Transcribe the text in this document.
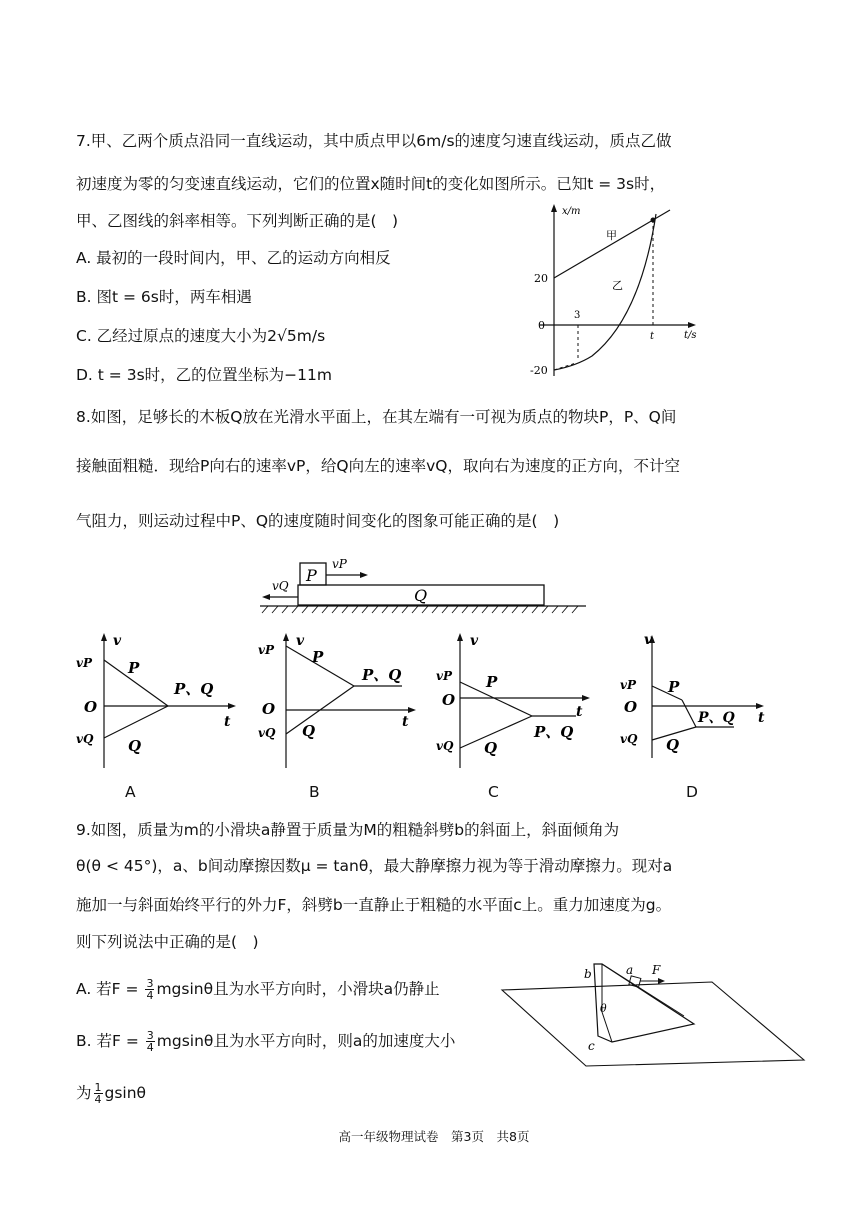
7.甲、乙两个质点沿同一直线运动，其中质点甲以6m/s的速度匀速直线运动，质点乙做
初速度为零的匀变速直线运动，它们的位置x随时间t的变化如图所示。已知t = 3s时，
甲、乙图线的斜率相等。下列判断正确的是(　)
A. 最初的一段时间内，甲、乙的运动方向相反
B. 图t = 6s时，两车相遇
C. 乙经过原点的速度大小为2√5m/s
D. t = 3s时，乙的位置坐标为−11m
x/m
t/s
0
20
-20
3
t
甲
乙
8.如图，足够长的木板Q放在光滑水平面上，在其左端有一可视为质点的物块P，P、Q间
接触面粗糙．现给P向右的速率vP，给Q向左的速率vQ，取向右为速度的正方向，不计空
气阻力，则运动过程中P、Q的速度随时间变化的图象可能正确的是(　)
P
Q
vP
vQ
v
t
O
vP
vQ
P
Q
P、Q
v
t
O
vP
vQ
P
Q
P、Q
v
t
O
vP
vQ
P
Q
P、Q
v
t
O
vP
vQ
P
Q
P、Q
A	B	C	D
9.如图，质量为m的小滑块a静置于质量为M的粗糙斜劈b的斜面上，斜面倾角为
θ(θ < 45°)，a、b间动摩擦因数μ = tanθ，最大静摩擦力视为等于滑动摩擦力。现对a
施加一与斜面始终平行的外力F，斜劈b一直静止于粗糙的水平面c上。重力加速度为g。
则下列说法中正确的是(　)
A. 若$F = \frac{3}{4}$ mgsinθ且为水平方向时，小滑块a仍静止
B. 若$F = \frac{3}{4}$ mgsinθ且为水平方向时，则a的加速度大小
为 $\frac{1}{4}$ gsinθ
a F
b
θ
c
高一年级物理试卷　第3页　共8页
